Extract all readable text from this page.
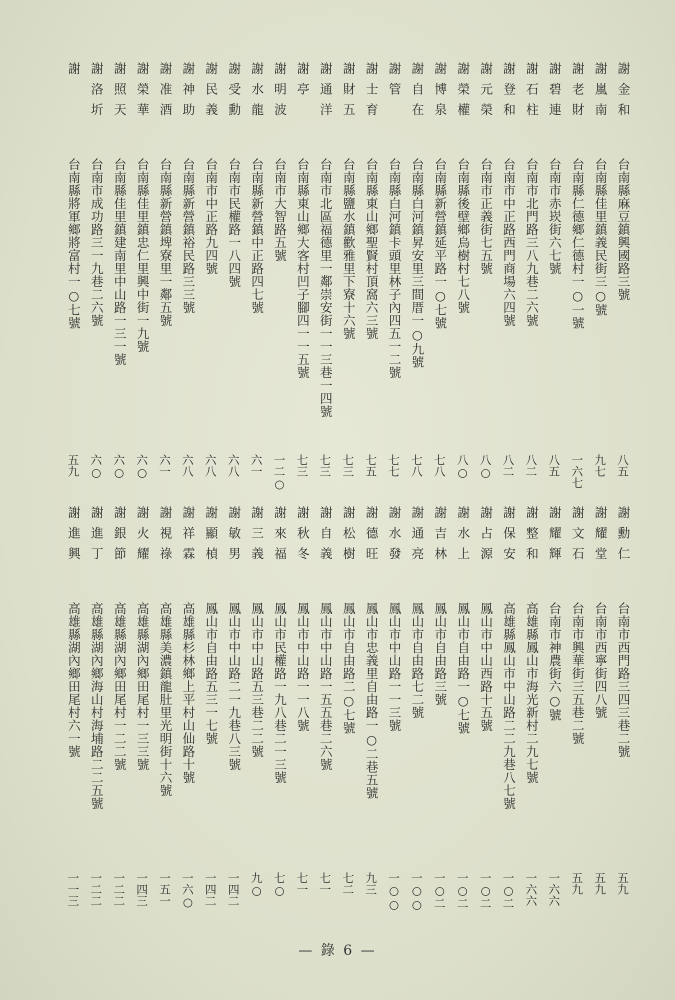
謝金和
台南縣麻豆鎮興國路三號
八五
謝嵐南
台南縣佳里鎮義民街三○號
九七
謝老財
台南縣仁德鄉仁德村一○一號
一六七
謝碧連
台南市赤崁街六七號
八五
謝石柱
台南市北門路三八九巷二六號
八二
謝登和
台南市中正路西門商場六四號
八二
謝元榮
台南市正義街七五號
八○
謝榮權
台南縣後壁鄉烏樹村七八號
八○
謝博泉
台南縣新營鎮延平路一○七號
七八
謝自在
台南縣白河鎮昇安里三間厝一○九號
七八
謝管
台南縣白河鎮卡頭里林子內四五一二號
七七
謝士育
台南縣東山鄉聖賢村頂窩六三號
七五
謝財五
台南縣鹽水鎮歡雅里下寮十六號
七三
謝通洋
台南市北區福德里一鄰崇安街一一三巷一四號
七三
謝亭
台南縣東山鄉大客村凹子腳四一一五號
七三
謝明波
台南市大智路五號
一二○
謝水龍
台南縣新營鎮中正路四七號
六一
謝受勳
台南市民權路一八四號
六八
謝民義
台南市中正路九四號
六八
謝神助
台南縣新營鎮裕民路三三號
六八
謝准酒
台南縣新營鎮埤寮里一鄰五號
六一
謝榮華
台南縣佳里鎮忠仁里興中街一九號
六○
謝照天
台南縣佳里鎮建南里中山路一三一號
六○
謝洛圻
台南市成功路三一九巷二六號
六○
謝
台南縣將軍鄉將富村一○七號
五九
謝勳仁
台南市西門路三四三巷二號
五九
謝耀堂
台南市西寧街四八號
五九
謝文石
台南市興華街三五巷二號
五九
謝耀輝
台南市神農街六○號
一六六
謝整和
高雄縣鳳山市海光新村二九七號
一六六
謝保安
高雄縣鳳山市中山路二二九巷八七號
一○二
謝占源
鳳山市中山西路十五號
一○二
謝水上
鳳山市自由路一○七號
一○二
謝吉林
鳳山市自由路三號
一○二
謝通亮
鳳山市自由路七二號
一○○
謝水發
鳳山市中山路一一三號
一○○
謝德旺
鳳山市忠義里自由路一○二巷五號
九三
謝松樹
鳳山市自由路二○七號
七二
謝自義
鳳山市中山路一五五巷二六號
七一
謝秋冬
鳳山市中山路一一八號
七一
謝來福
鳳山市民權路一九八巷二一三號
七○
謝三義
鳳山市中山路五三巷二二號
九○
謝敏男
鳳山市中山路二一九巷八三號
一四二
謝顯楨
鳳山市自由路五三一七號
一四二
謝祥霖
高雄縣杉林鄉上平村山仙路十號
一六○
謝視祿
高雄縣美濃鎮龍肚里光明街十六號
一五一
謝火耀
高雄縣湖內鄉田尾村一三三號
一四三
謝銀節
高雄縣湖內鄉田尾村一二二號
一二二
謝進丁
高雄縣湖內鄉海山村海埔路二二五號
一二二
謝進興
高雄縣湖內鄉田尾村六一號
一一三
— 錄 6 —
